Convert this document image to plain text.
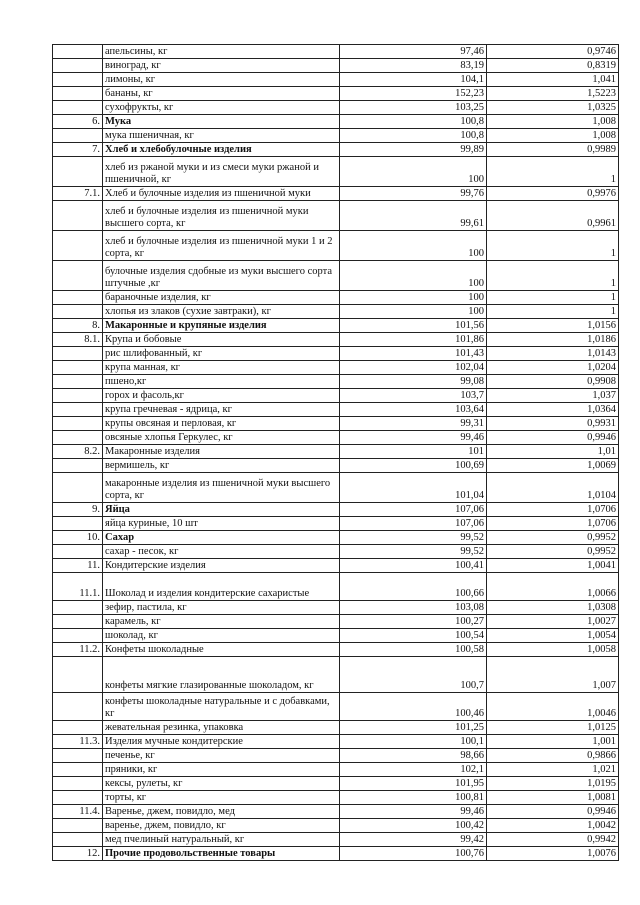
	апельсины, кг	97,46	0,9746
	виноград, кг	83,19	0,8319
	лимоны, кг	104,1	1,041
	бананы, кг	152,23	1,5223
	сухофрукты, кг	103,25	1,0325
6.	Мука	100,8	1,008
	мука пшеничная, кг	100,8	1,008
7.	Хлеб и хлебобулочные изделия	99,89	0,9989
	хлеб из ржаной муки и из смеси муки ржаной и пшеничной, кг	100	1
7.1.	Хлеб и булочные изделия из пшеничной муки	99,76	0,9976
	хлеб и булочные изделия из пшеничной муки высшего сорта, кг	99,61	0,9961
	хлеб и булочные изделия из пшеничной муки 1 и 2 сорта, кг	100	1
	булочные изделия сдобные из муки высшего сорта штучные ,кг	100	1
	бараночные изделия, кг	100	1
	хлопья из злаков (сухие завтраки), кг	100	1
8.	Макаронные и крупяные изделия	101,56	1,0156
8.1.	Крупа и бобовые	101,86	1,0186
	рис шлифованный, кг	101,43	1,0143
	крупа манная, кг	102,04	1,0204
	пшено,кг	99,08	0,9908
	горох и фасоль,кг	103,7	1,037
	крупа гречневая - ядрица, кг	103,64	1,0364
	крупы овсяная и перловая, кг	99,31	0,9931
	овсяные хлопья Геркулес, кг	99,46	0,9946
8.2.	Макаронные изделия	101	1,01
	вермишель, кг	100,69	1,0069
	макаронные изделия из пшеничной муки высшего сорта, кг	101,04	1,0104
9.	Яйца	107,06	1,0706
	яйца куриные, 10 шт	107,06	1,0706
10.	Сахар	99,52	0,9952
	сахар - песок, кг	99,52	0,9952
11.	Кондитерские изделия	100,41	1,0041
11.1.	Шоколад и изделия кондитерские сахаристые	100,66	1,0066
	зефир, пастила, кг	103,08	1,0308
	карамель, кг	100,27	1,0027
	шоколад, кг	100,54	1,0054
11.2.	Конфеты шоколадные	100,58	1,0058
	конфеты мягкие глазированные шоколадом, кг	100,7	1,007
	конфеты шоколадные натуральные и с добавками, кг	100,46	1,0046
	жевательная резинка, упаковка	101,25	1,0125
11.3.	Изделия мучные кондитерские	100,1	1,001
	печенье, кг	98,66	0,9866
	пряники, кг	102,1	1,021
	кексы, рулеты, кг	101,95	1,0195
	торты, кг	100,81	1,0081
11.4.	Варенье, джем, повидло, мед	99,46	0,9946
	варенье, джем, повидло, кг	100,42	1,0042
	мед пчелиный натуральный, кг	99,42	0,9942
12.	Прочие продовольственные товары	100,76	1,0076
